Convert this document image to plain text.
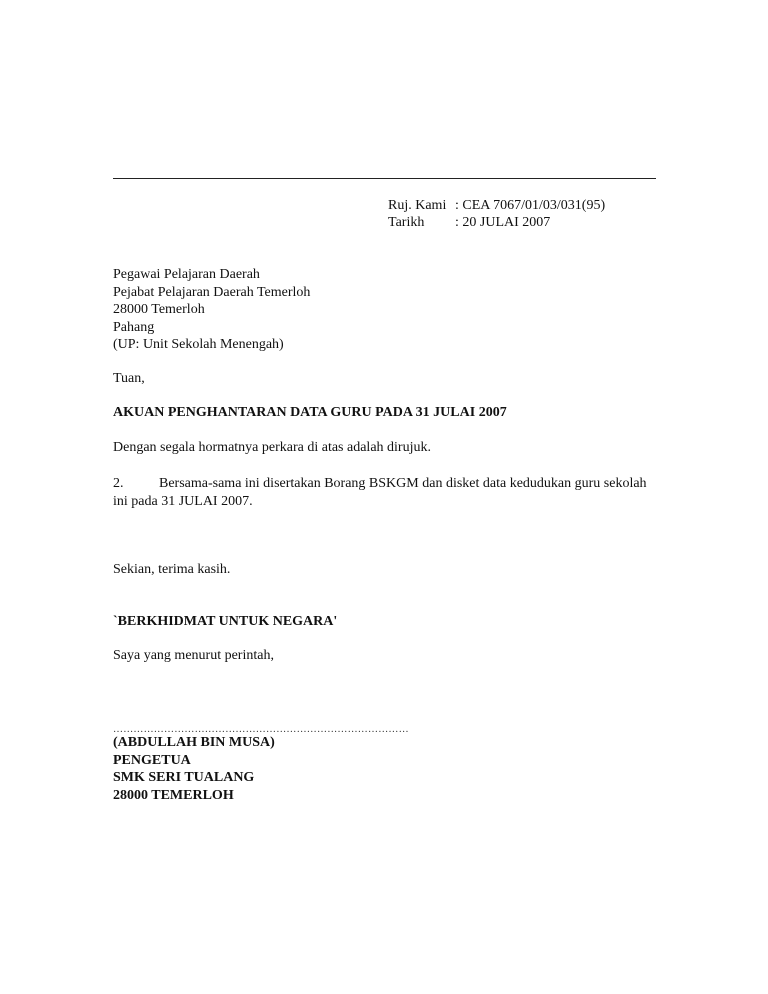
Ruj. Kami : CEA 7067/01/03/031(95)
Tarikh : 20 JULAI 2007
Pegawai Pelajaran Daerah
Pejabat Pelajaran Daerah Temerloh
28000 Temerloh
Pahang
(UP: Unit Sekolah Menengah)
Tuan,
AKUAN PENGHANTARAN DATA GURU PADA 31 JULAI 2007
Dengan segala hormatnya perkara di atas adalah dirujuk.
2.	Bersama-sama ini disertakan Borang BSKGM dan disket data kedudukan guru sekolah ini pada 31 JULAI 2007.
Sekian, terima kasih.
`BERKHIDMAT UNTUK NEGARA'
Saya yang menurut perintah,
……………………………………………………………………………
(ABDULLAH BIN MUSA)
PENGETUA
SMK SERI TUALANG
28000 TEMERLOH
